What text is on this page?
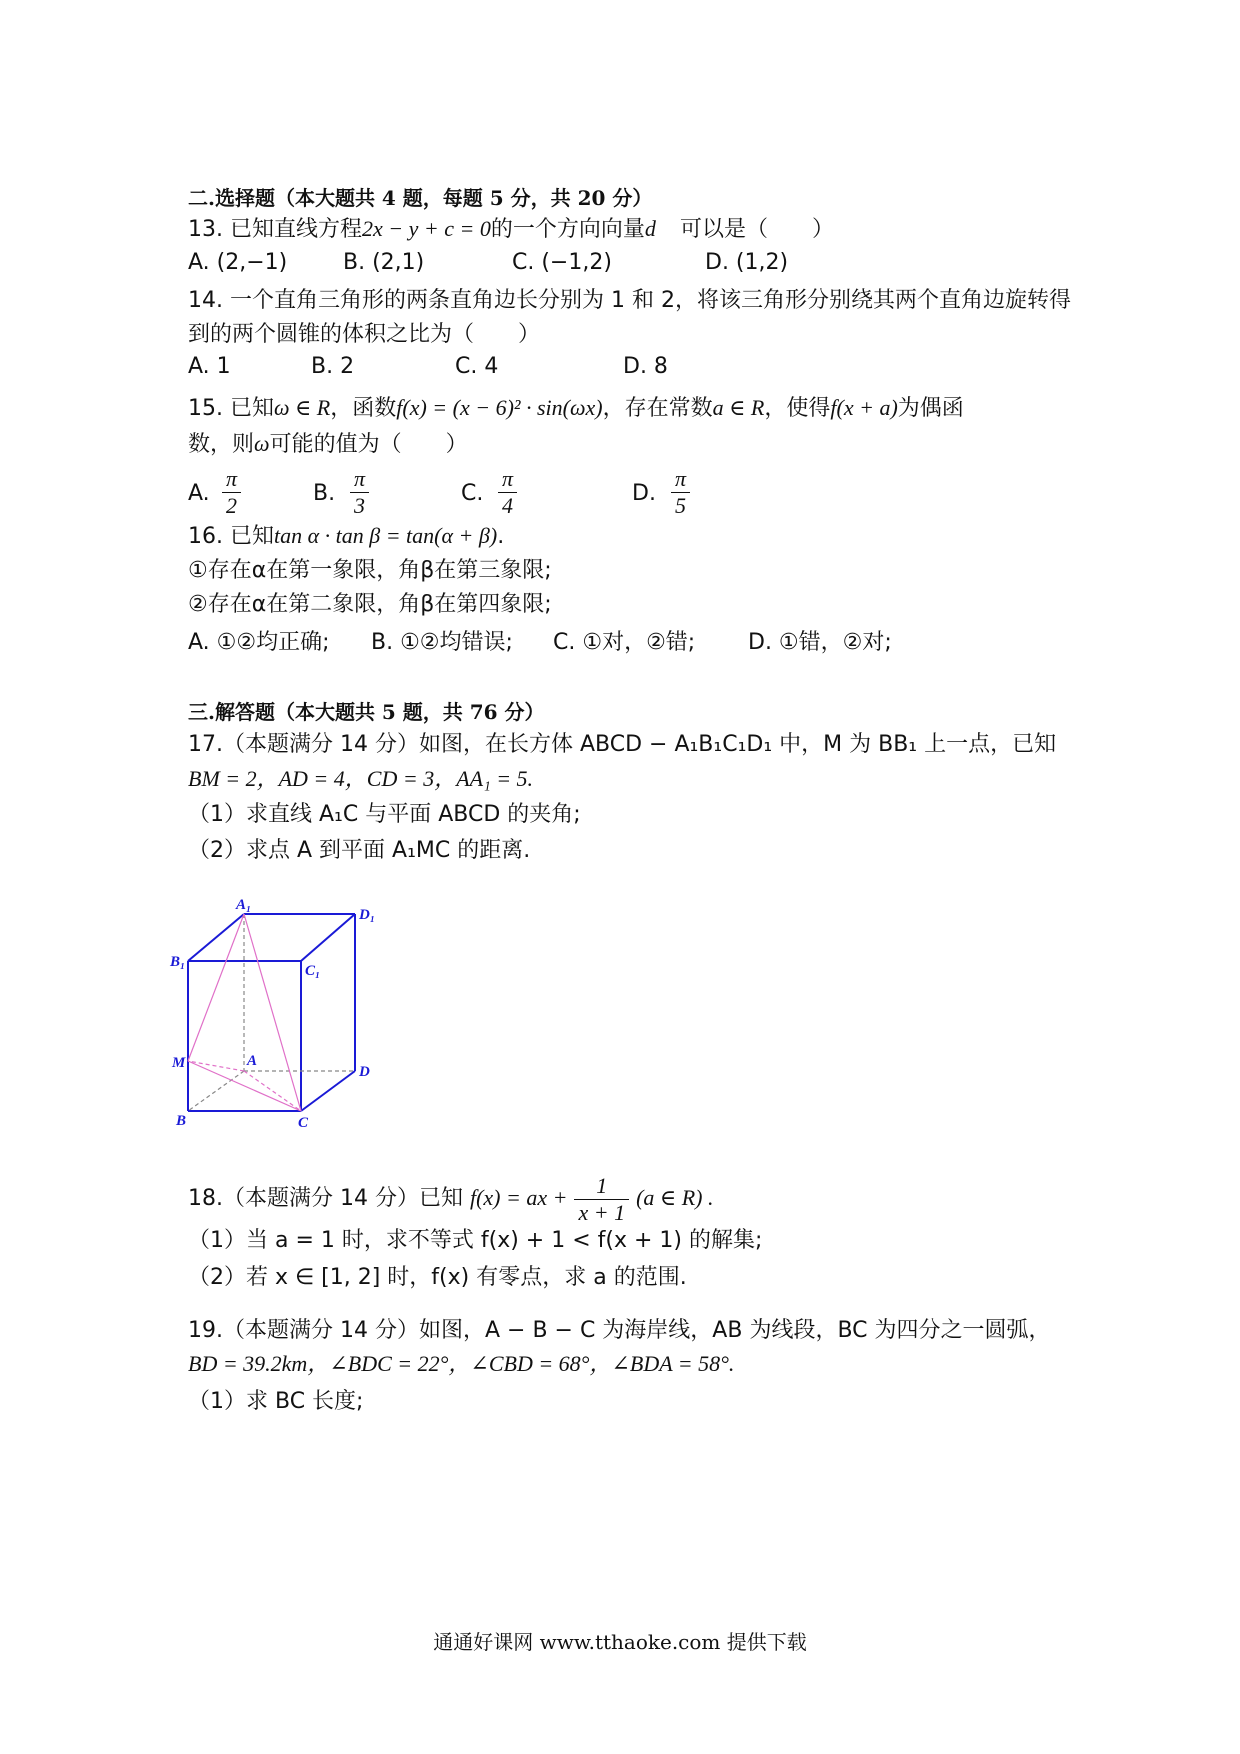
二.选择题（本大题共 4 题，每题 5 分，共 20 分）
13. 已知直线方程2x − y + c = 0的一个方向向量d⃗ 可以是（　　）
A. (2,−1)	B. (2,1)	C. (−1,2)	D. (1,2)
14. 一个直角三角形的两条直角边长分别为 1 和 2，将该三角形分别绕其两个直角边旋转得
到的两个圆锥的体积之比为（　　）
A. 1	B. 2	C. 4	D. 8
15. 已知ω ∈ R，函数f(x) = (x − 6)² · sin(ωx)，存在常数a ∈ R，使得f(x + a)为偶函
数，则ω可能的值为（　　）
A. $\frac{\pi}{2}$	B. $\frac{\pi}{3}$	C. $\frac{\pi}{4}$	D. $\frac{\pi}{5}$
16. 已知tan α · tan β = tan(α + β).
①存在α在第一象限，角β在第三象限;
②存在α在第二象限，角β在第四象限;
A. ①②均正确; B. ①②均错误; C. ①对，②错; D. ①错，②对;
三.解答题（本大题共 5 题，共 76 分）
17.（本题满分 14 分）如图，在长方体 ABCD − A₁B₁C₁D₁ 中，M 为 BB₁ 上一点，已知
BM = 2，AD = 4，CD = 3，AA₁ = 5.
（1）求直线 A₁C 与平面 ABCD 的夹角;
（2）求点 A 到平面 A₁MC 的距离.
A₁
D₁
B₁
C₁
M	A
D
B	C
18.（本题满分 14 分）已知 f(x) = ax + $\frac{1}{x + 1} (a$ ∈ R) .
（1）当 a = 1 时，求不等式 f(x) + 1 < f(x + 1) 的解集;
（2）若 x ∈ [1, 2] 时，f(x) 有零点，求 a 的范围.
19.（本题满分 14 分）如图，A − B − C 为海岸线，AB 为线段，BC 为四分之一圆弧，
BD = 39.2km，∠BDC = 22°，∠CBD = 68°，∠BDA = 58°.
（1）求 BC 长度;
通通好课网 www.tthaoke.com 提供下载
